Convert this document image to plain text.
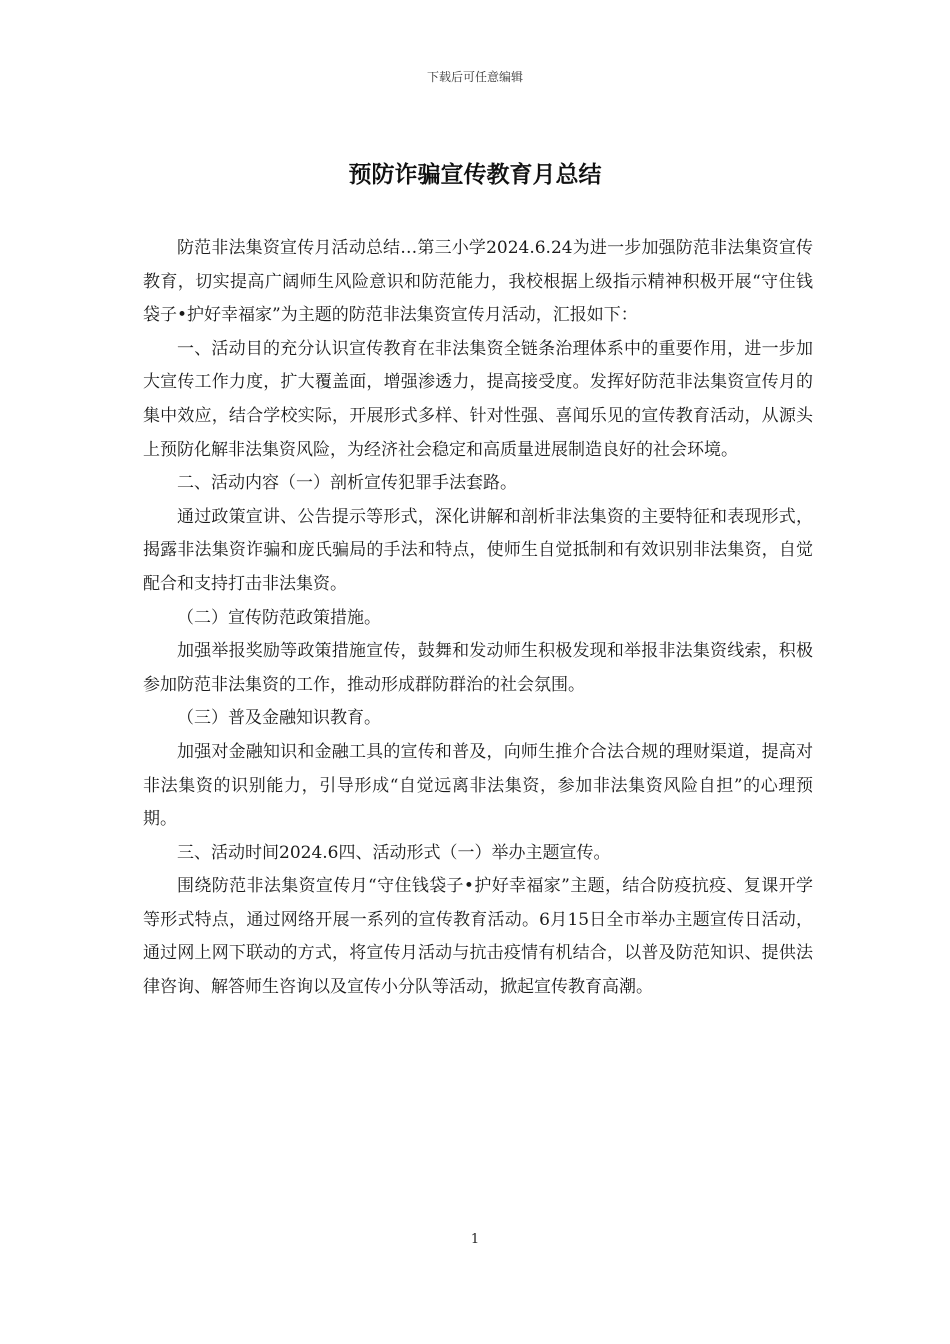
下载后可任意编辑
预防诈骗宣传教育月总结

防范非法集资宣传月活动总结…第三小学2024.6.24为进一步加强防范非法集资宣传教育，切实提高广阔师生风险意识和防范能力，我校根据上级指示精神积极开展“守住钱袋子•护好幸福家”为主题的防范非法集资宣传月活动，汇报如下：

一、活动目的充分认识宣传教育在非法集资全链条治理体系中的重要作用，进一步加大宣传工作力度，扩大覆盖面，增强渗透力，提高接受度。发挥好防范非法集资宣传月的集中效应，结合学校实际，开展形式多样、针对性强、喜闻乐见的宣传教育活动，从源头上预防化解非法集资风险，为经济社会稳定和高质量进展制造良好的社会环境。

二、活动内容（一）剖析宣传犯罪手法套路。

通过政策宣讲、公告提示等形式，深化讲解和剖析非法集资的主要特征和表现形式，揭露非法集资诈骗和庞氏骗局的手法和特点，使师生自觉抵制和有效识别非法集资，自觉配合和支持打击非法集资。

（二）宣传防范政策措施。

加强举报奖励等政策措施宣传，鼓舞和发动师生积极发现和举报非法集资线索，积极参加防范非法集资的工作，推动形成群防群治的社会氛围。

（三）普及金融知识教育。

加强对金融知识和金融工具的宣传和普及，向师生推介合法合规的理财渠道，提高对非法集资的识别能力，引导形成“自觉远离非法集资，参加非法集资风险自担”的心理预期。

三、活动时间2024.6四、活动形式（一）举办主题宣传。

围绕防范非法集资宣传月“守住钱袋子•护好幸福家”主题，结合防疫抗疫、复课开学等形式特点，通过网络开展一系列的宣传教育活动。6月15日全市举办主题宣传日活动，通过网上网下联动的方式，将宣传月活动与抗击疫情有机结合，以普及防范知识、提供法律咨询、解答师生咨询以及宣传小分队等活动，掀起宣传教育高潮。

1
